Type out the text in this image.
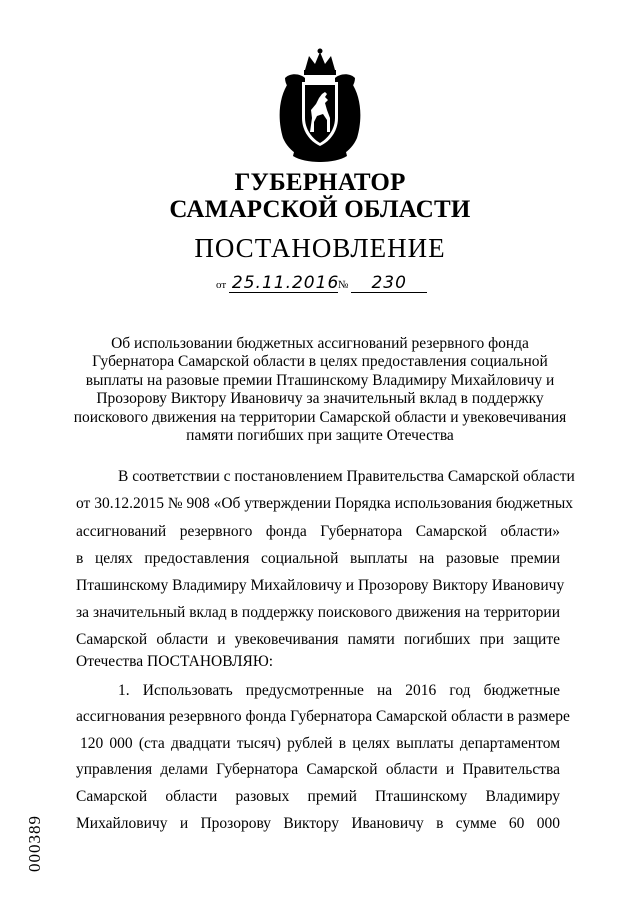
ГУБЕРНАТОР
САМАРСКОЙ ОБЛАСТИ
ПОСТАНОВЛЕНИЕ
от 25.11.2016№ 230
Об использовании бюджетных ассигнований резервного фонда
Губернатора Самарской области в целях предоставления социальной
выплаты на разовые премии Пташинскому Владимиру Михайловичу и
Прозорову Виктору Ивановичу за значительный вклад в поддержку
поискового движения на территории Самарской области и увековечивания
памяти погибших при защите Отечества
В соответствии с постановлением Правительства Самарской области
от 30.12.2015 № 908 «Об утверждении Порядка использования бюджетных
ассигнований резервного фонда Губернатора Самарской области»
в целях предоставления социальной выплаты на разовые премии
Пташинскому Владимиру Михайловичу и Прозорову Виктору Ивановичу
за значительный вклад в поддержку поискового движения на территории
Самарской области и увековечивания памяти погибших при защите
Отечества ПОСТАНОВЛЯЮ:
1. Использовать предусмотренные на 2016 год бюджетные
ассигнования резервного фонда Губернатора Самарской области в размере
120 000 (ста двадцати тысяч) рублей в целях выплаты департаментом
управления делами Губернатора Самарской области и Правительства
Самарской области разовых премий Пташинскому Владимиру
Михайловичу и Прозорову Виктору Ивановичу в сумме 60 000
000389
